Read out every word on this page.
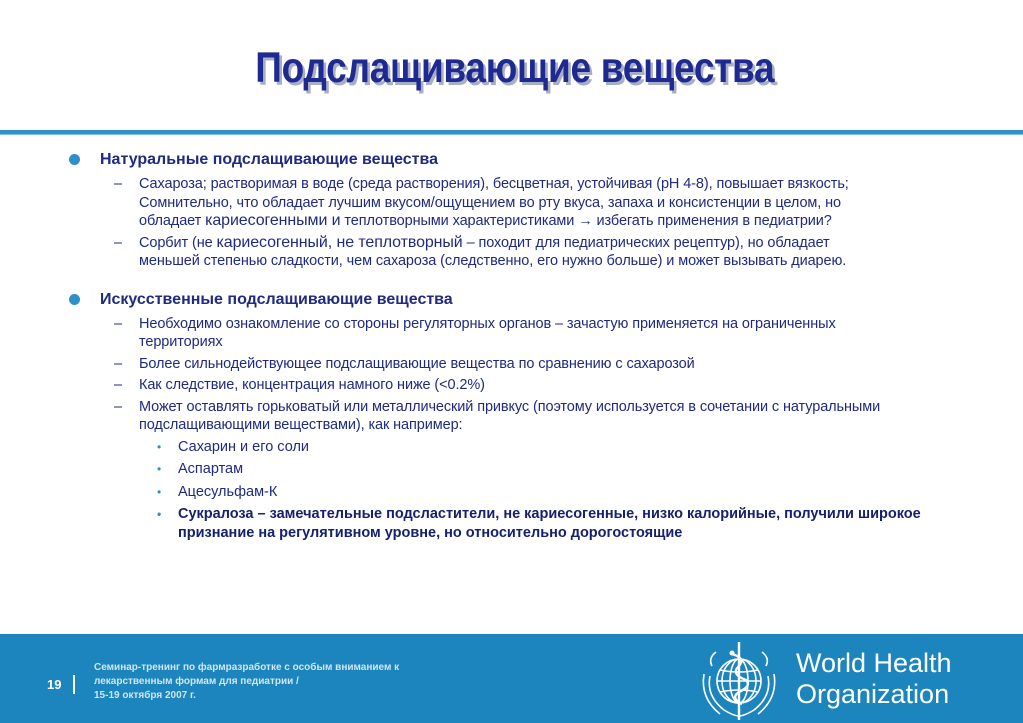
Подслащивающие вещества
Натуральные подслащивающие вещества
– Сахароза; растворимая в воде (среда растворения), бесцветная, устойчивая (pH 4-8), повышает вязкость;
Сомнительно, что обладает лучшим вкусом/ощущением во рту вкуса, запаха и консистенции в целом, но
обладает кариесогенными и теплотворными характеристиками → избегать применения в педиатрии?
– Сорбит (не кариесогенный, не теплотворный – походит для педиатрических рецептур), но обладает
меньшей степенью сладкости, чем сахароза (следственно, его нужно больше) и может вызывать диарею.
Искусственные подслащивающие вещества
– Необходимо ознакомление со стороны регуляторных органов – зачастую применяется на ограниченных территориях
– Более сильнодействующее подслащивающие вещества по сравнению с сахарозой
– Как следствие, концентрация намного ниже (<0.2%)
– Может оставлять горьковатый или металлический привкус (поэтому используется в сочетании с натуральными подслащивающими веществами), как например:
• Сахарин и его соли
• Аспартам
• Ацесульфам-К
• Сукралоза – замечательные подсластители, не кариесогенные, низко калорийные, получили широкое признание на регулятивном уровне, но относительно дорогостоящие
19
Семинар-тренинг по фармразработке с особым вниманием к
лекарственным формам для педиатрии /
15-19 октября 2007 г.
World Health
Organization
